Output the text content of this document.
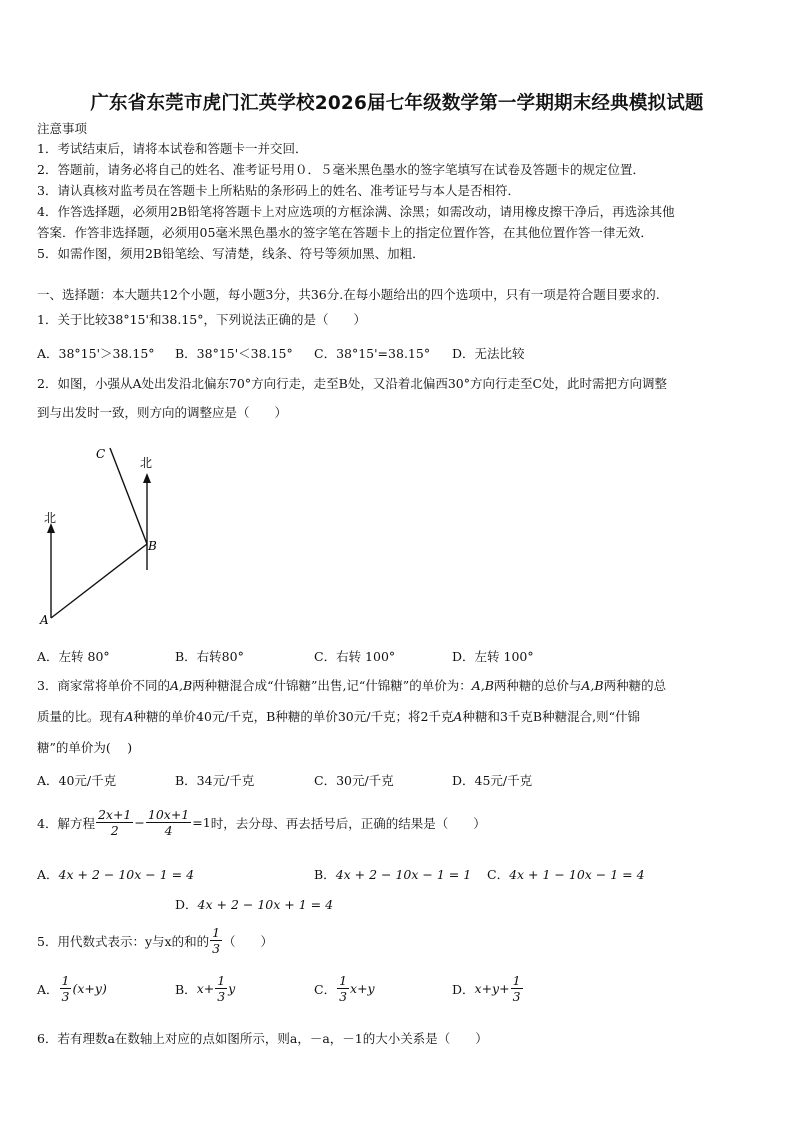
广东省东莞市虎门汇英学校2026届七年级数学第一学期期末经典模拟试题
注意事项
1．考试结束后，请将本试卷和答题卡一并交回．
2．答题前，请务必将自己的姓名、准考证号用０．５毫米黑色墨水的签字笔填写在试卷及答题卡的规定位置．
3．请认真核对监考员在答题卡上所粘贴的条形码上的姓名、准考证号与本人是否相符．
4．作答选择题，必须用2B铅笔将答题卡上对应选项的方框涂满、涂黑；如需改动，请用橡皮擦干净后，再选涂其他
答案．作答非选择题，必须用05毫米黑色墨水的签字笔在答题卡上的指定位置作答，在其他位置作答一律无效．
5．如需作图，须用2B铅笔绘、写清楚，线条、符号等须加黑、加粗．
一、选择题：本大题共12个小题，每小题3分，共36分.在每小题给出的四个选项中，只有一项是符合题目要求的.
1．关于比较38°15'和38.15°，下列说法正确的是（　　）
A．38°15'＞38.15° B．38°15'＜38.15° C．38°15'=38.15° D．无法比较
2．如图，小强从A处出发沿北偏东70°方向行走，走至B处，又沿着北偏西30°方向行走至C处，此时需把方向调整
到与出发时一致，则方向的调整应是（　　）
北
北
A
B
C
A．左转 80°	B．右转80°	C．右转 100°	D．左转 100°
3．商家常将单价不同的A,B两种糖混合成“什锦糖”出售,记“什锦糖”的单价为：A,B两种糖的总价与A,B两种糖的总
质量的比。现有A种糖的单价40元/千克，B种糖的单价30元/千克；将2千克A种糖和3千克B种糖混合,则“什锦
糖”的单价为(　 )
A．40元/千克	B．34元/千克	C．30元/千克	D．45元/千克
4．解方程 $\frac{2x+1}{2} - \frac{10x+1}{4} =1$ 时，去分母、再去括号后，正确的结果是（　　）
A．4x + 2 − 10x − 1 = 4	B．4x + 2 − 10x − 1 = 1 C．4x + 1 − 10x − 1 = 4
D．4x + 2 − 10x + 1 = 4
5．用代数式表示：y与x的和的 $\frac{1}{3}$ （　　）
A． $\frac{1}{3} (x+y)$	B． $x+ \frac{1}{3}$ y	C． $\frac{1}{3} x+y$	D． $x+y+ \frac{1}{3}$
6．若有理数a在数轴上对应的点如图所示，则a，－a，－1的大小关系是（　　）
